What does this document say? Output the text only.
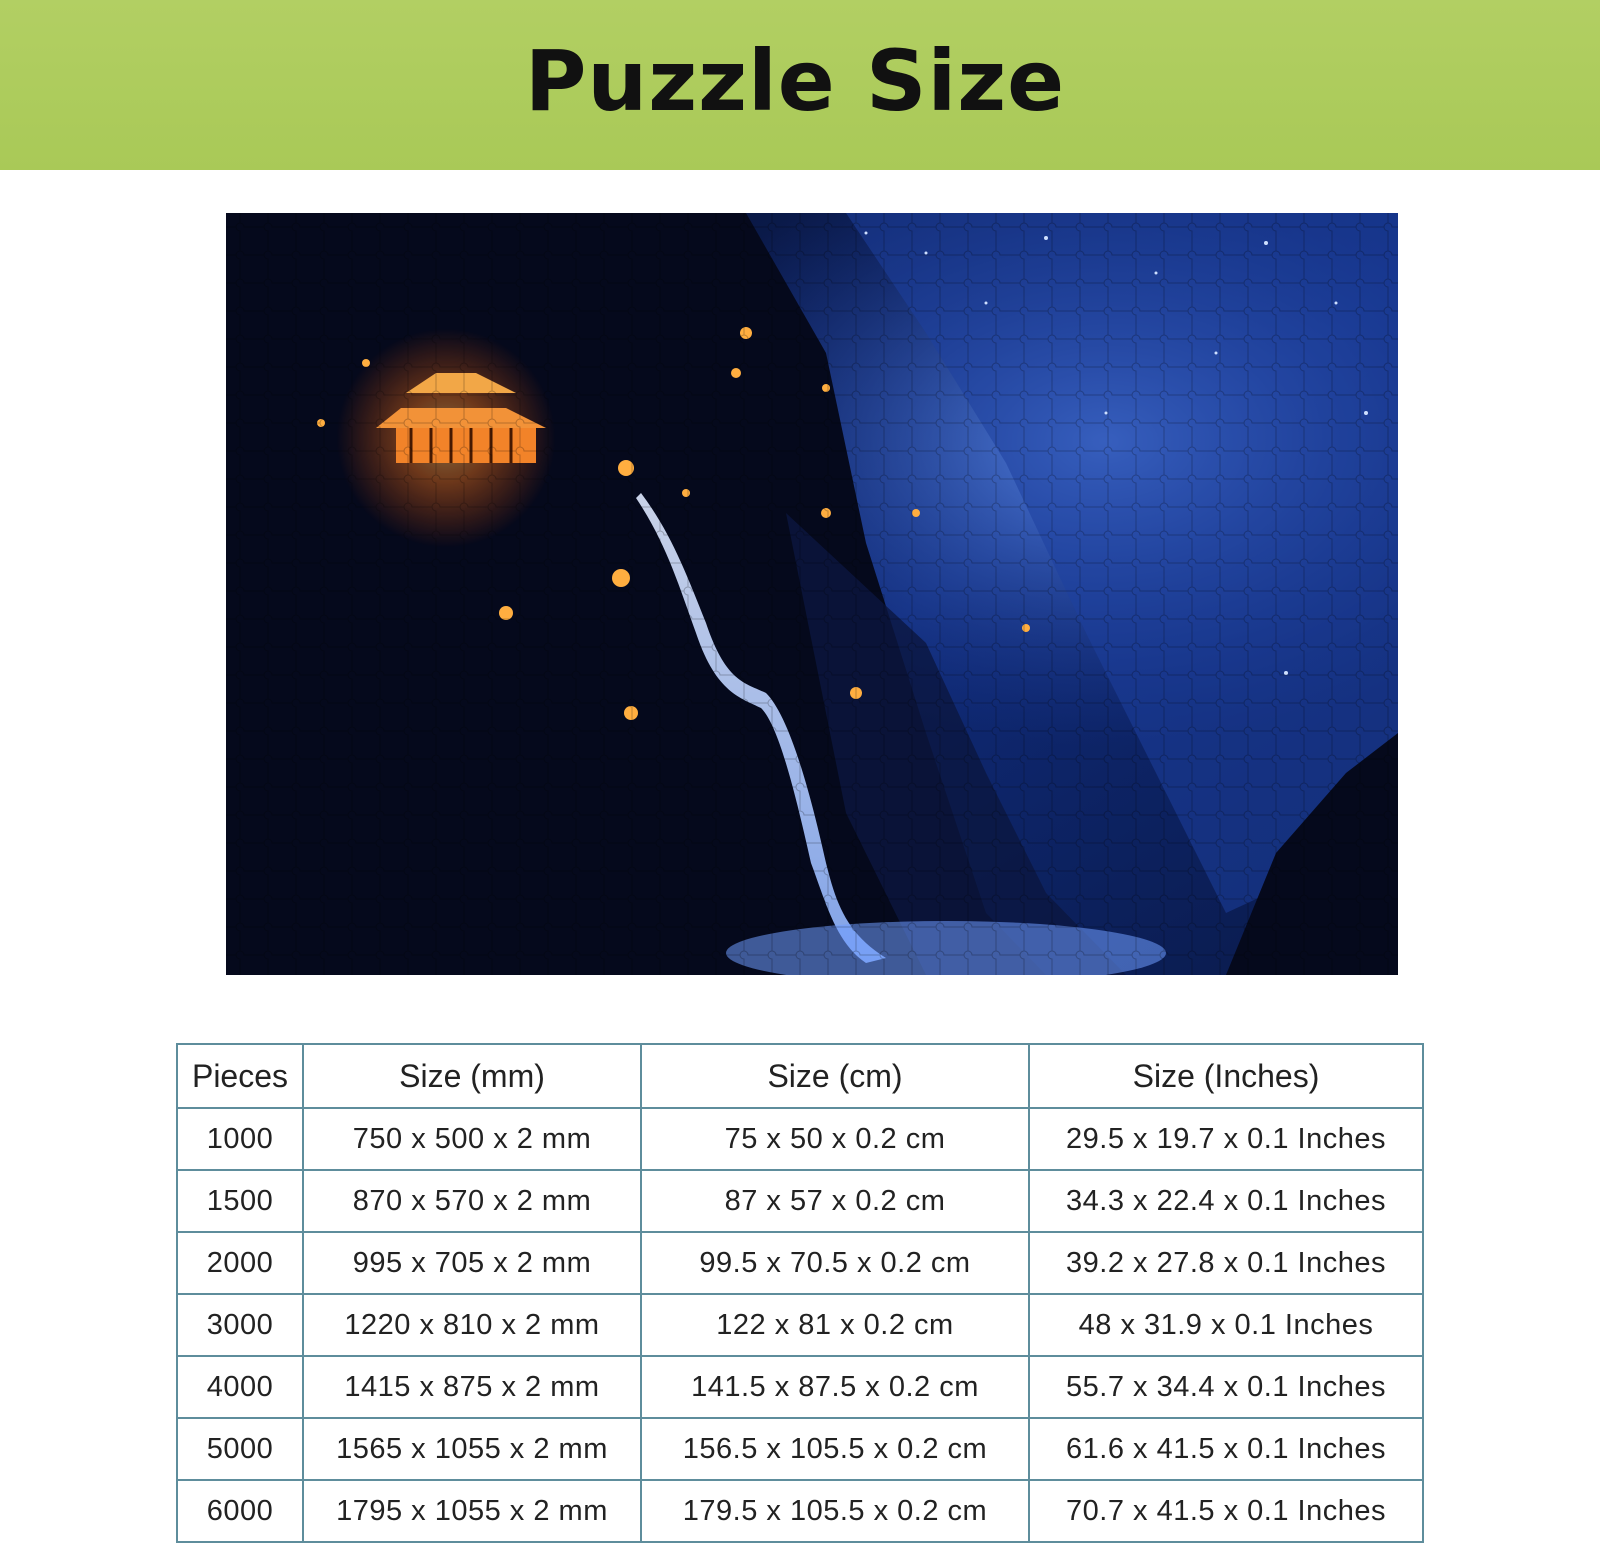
Puzzle Size
Pieces	Size (mm)	Size (cm)	Size (Inches)
1000	750 x 500 x 2 mm	75 x 50 x 0.2 cm	29.5 x 19.7 x 0.1 Inches
1500	870 x 570 x 2 mm	87 x 57 x 0.2 cm	34.3 x 22.4 x 0.1 Inches
2000	995 x 705 x 2 mm	99.5 x 70.5 x 0.2 cm	39.2 x 27.8 x 0.1 Inches
3000	1220 x 810 x 2 mm	122 x 81 x 0.2 cm	48 x 31.9 x 0.1 Inches
4000	1415 x 875 x 2 mm	141.5 x 87.5 x 0.2 cm	55.7 x 34.4 x 0.1 Inches
5000	1565 x 1055 x 2 mm	156.5 x 105.5 x 0.2 cm	61.6 x 41.5 x 0.1 Inches
6000	1795 x 1055 x 2 mm	179.5 x 105.5 x 0.2 cm	70.7 x 41.5 x 0.1 Inches
